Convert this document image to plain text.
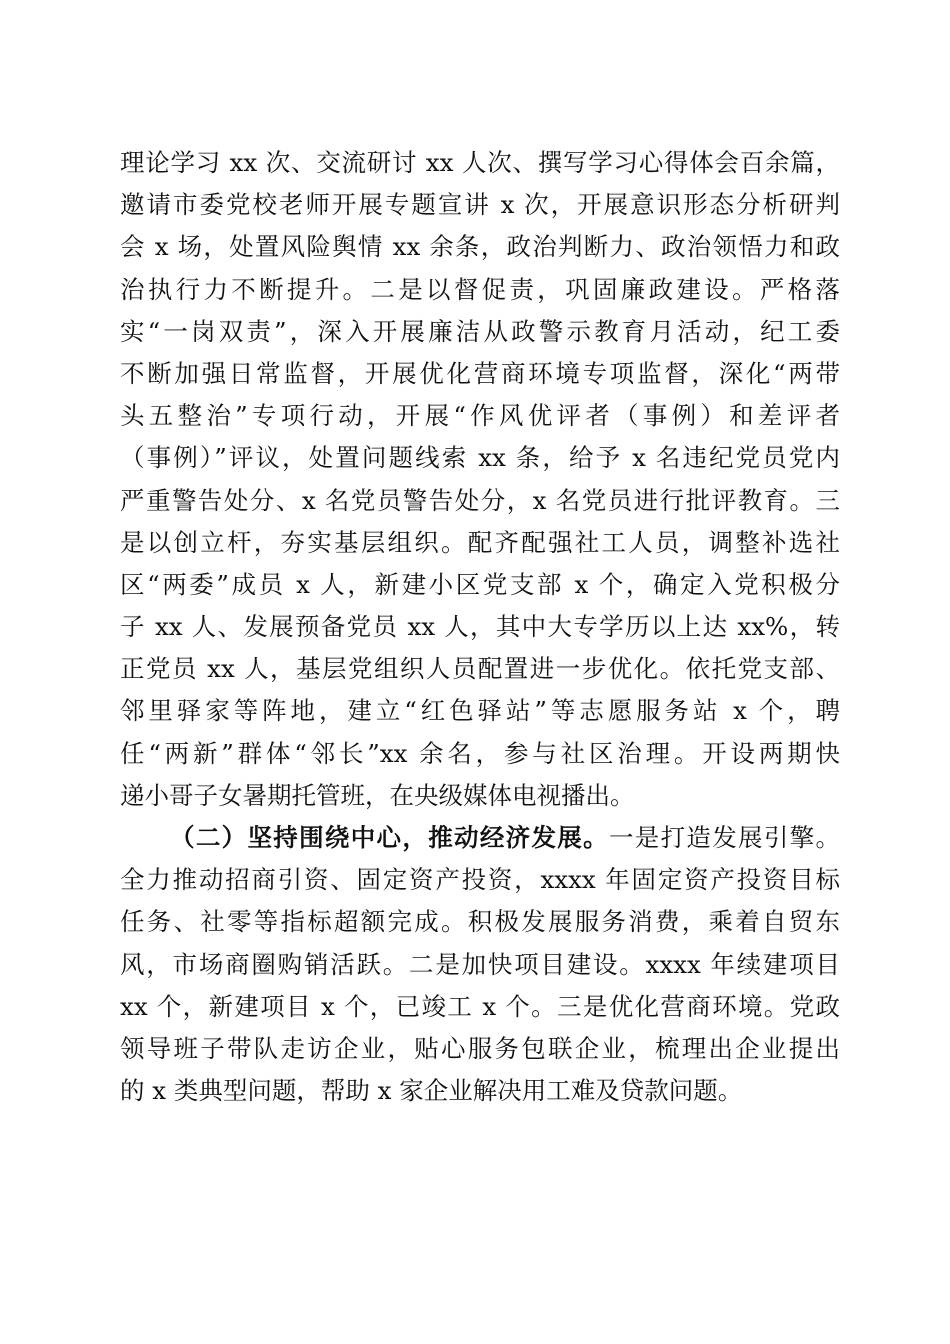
理论学习 xx 次、交流研讨 xx 人次、撰写学习心得体会百余篇，
邀请市委党校老师开展专题宣讲 x 次，开展意识形态分析研判
会 x 场，处置风险舆情 xx 余条，政治判断力、政治领悟力和政
治执行力不断提升。二是以督促责，巩固廉政建设。严格落
实“一岗双责”，深入开展廉洁从政警示教育月活动，纪工委
不断加强日常监督，开展优化营商环境专项监督，深化“两带
头五整治”专项行动，开展“作风优评者（事例）和差评者
（事例）”评议，处置问题线索 xx 条，给予 x 名违纪党员党内
严重警告处分、x 名党员警告处分，x 名党员进行批评教育。三
是以创立杆，夯实基层组织。配齐配强社工人员，调整补选社
区“两委”成员 x 人，新建小区党支部 x 个，确定入党积极分
子 xx 人、发展预备党员 xx 人，其中大专学历以上达 xx%，转
正党员 xx 人，基层党组织人员配置进一步优化。依托党支部、
邻里驿家等阵地，建立“红色驿站”等志愿服务站 x 个，聘
任“两新”群体“邻长”xx 余名，参与社区治理。开设两期快
递小哥子女暑期托管班，在央级媒体电视播出。
（二）坚持围绕中心，推动经济发展。一是打造发展引擎。
全力推动招商引资、固定资产投资，xxxx 年固定资产投资目标
任务、社零等指标超额完成。积极发展服务消费，乘着自贸东
风，市场商圈购销活跃。二是加快项目建设。xxxx 年续建项目
xx 个，新建项目 x 个，已竣工 x 个。三是优化营商环境。党政
领导班子带队走访企业，贴心服务包联企业，梳理出企业提出
的 x 类典型问题，帮助 x 家企业解决用工难及贷款问题。
